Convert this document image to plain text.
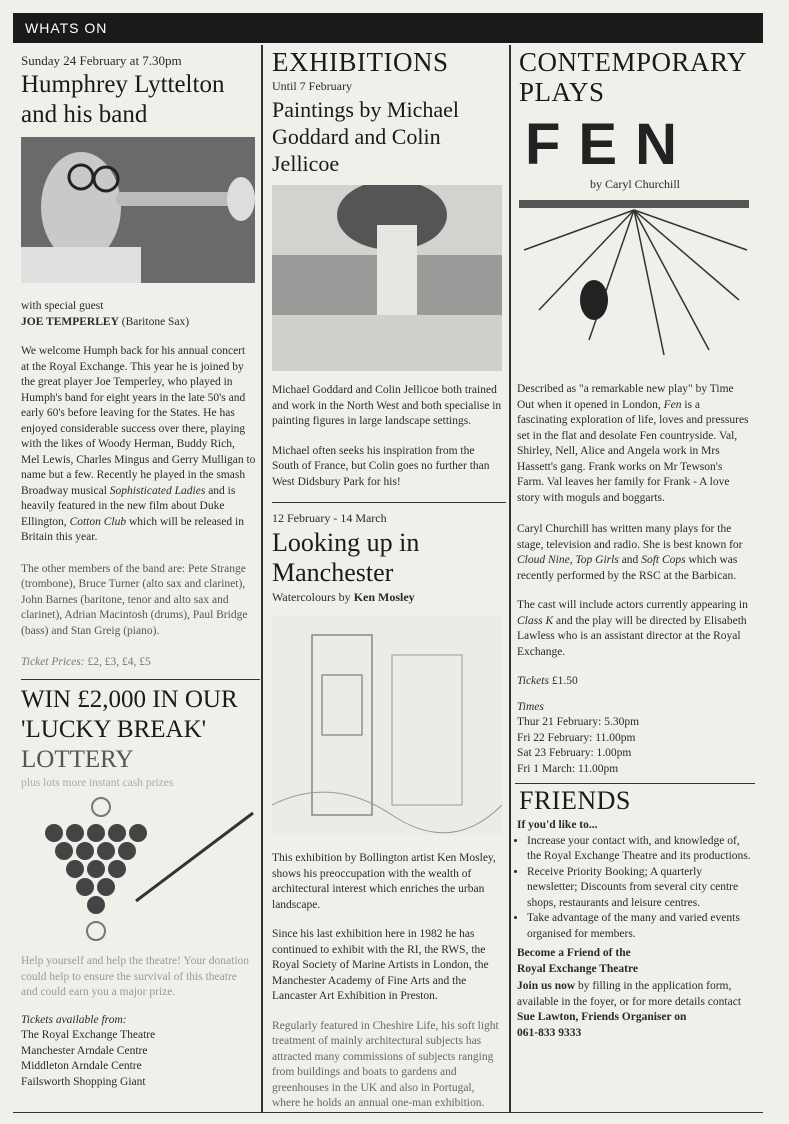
WHATS ON
Sunday 24 February at 7.30pm
Humphrey Lyttelton
and his band

with special guest

JOE TEMPERLEY (Baritone Sax)

We welcome Humph back for his annual concert at the Royal Exchange. This year he is joined by the great player Joe Temperley, who played in Humph's band for eight years in the late 50's and early 60's before leaving for the States. He has enjoyed considerable success over there, playing with the likes of Woody Herman, Buddy Rich, Mel Lewis, Charles Mingus and Gerry Mulligan to name but a few. Recently he played in the smash Broadway musical Sophisticated Ladies and is heavily featured in the new film about Duke Ellington, Cotton Club which will be released in Britain this year.

The other members of the band are: Pete Strange (trombone), Bruce Turner (alto sax and clarinet), John Barnes (baritone, tenor and alto sax and clarinet), Adrian Macintosh (drums), Paul Bridge (bass) and Stan Greig (piano).

Ticket Prices: £2, £3, £4, £5

WIN £2,000 IN OUR
'LUCKY BREAK'
LOTTERY

plus lots more instant cash prizes

Help yourself and help the theatre! Your donation could help to ensure the survival of this theatre and could earn you a major prize.

Tickets available from:

The Royal Exchange Theatre

Manchester Arndale Centre

Middleton Arndale Centre

Failsworth Shopping Giant

EXHIBITIONS
Until 7 February
Paintings by Michael Goddard and Colin Jellicoe

Michael Goddard and Colin Jellicoe both trained and work in the North West and both specialise in painting figures in large landscape settings.

Michael often seeks his inspiration from the South of France, but Colin goes no further than West Didsbury Park for his!

12 February - 14 March
Looking up in Manchester
Watercolours by Ken Mosley

This exhibition by Bollington artist Ken Mosley, shows his preoccupation with the wealth of architectural interest which enriches the urban landscape.

Since his last exhibition here in 1982 he has continued to exhibit with the RI, the RWS, the Royal Society of Marine Artists in London, the Manchester Academy of Fine Arts and the Lancaster Art Exhibition in Preston.

Regularly featured in Cheshire Life, his soft light treatment of mainly architectural subjects has attracted many commissions of subjects ranging from buildings and boats to gardens and greenhouses in the UK and also in Portugal, where he holds an annual one-man exhibition.

CONTEMPORARY
PLAYS
FEN
by Caryl Churchill

Described as "a remarkable new play" by Time Out when it opened in London, Fen is a fascinating exploration of life, loves and pressures set in the flat and desolate Fen countryside. Val, Shirley, Nell, Alice and Angela work in Mrs Hassett's gang. Frank works on Mr Tewson's Farm. Val leaves her family for Frank - A love story with moguls and boggarts.

Caryl Churchill has written many plays for the stage, television and radio. She is best known for Cloud Nine, Top Girls and Soft Cops which was recently performed by the RSC at the Barbican.

The cast will include actors currently appearing in Class K and the play will be directed by Elisabeth Lawless who is an assistant director at the Royal Exchange.

Tickets £1.50

Times

Thur 21 February: 5.30pm

Fri 22 February: 11.00pm

Sat 23 February: 1.00pm

Fri 1 March: 11.00pm

FRIENDS

If you'd like to...

• Increase your contact with, and knowledge of, the Royal Exchange Theatre and its productions.
• Receive Priority Booking; A quarterly newsletter; Discounts from several city centre shops, restaurants and leisure centres.
• Take advantage of the many and varied events organised for members.

Become a Friend of the

Royal Exchange Theatre

Join us now by filling in the application form, available in the foyer, or for more details contact Sue Lawton, Friends Organiser on

061-833 9333
